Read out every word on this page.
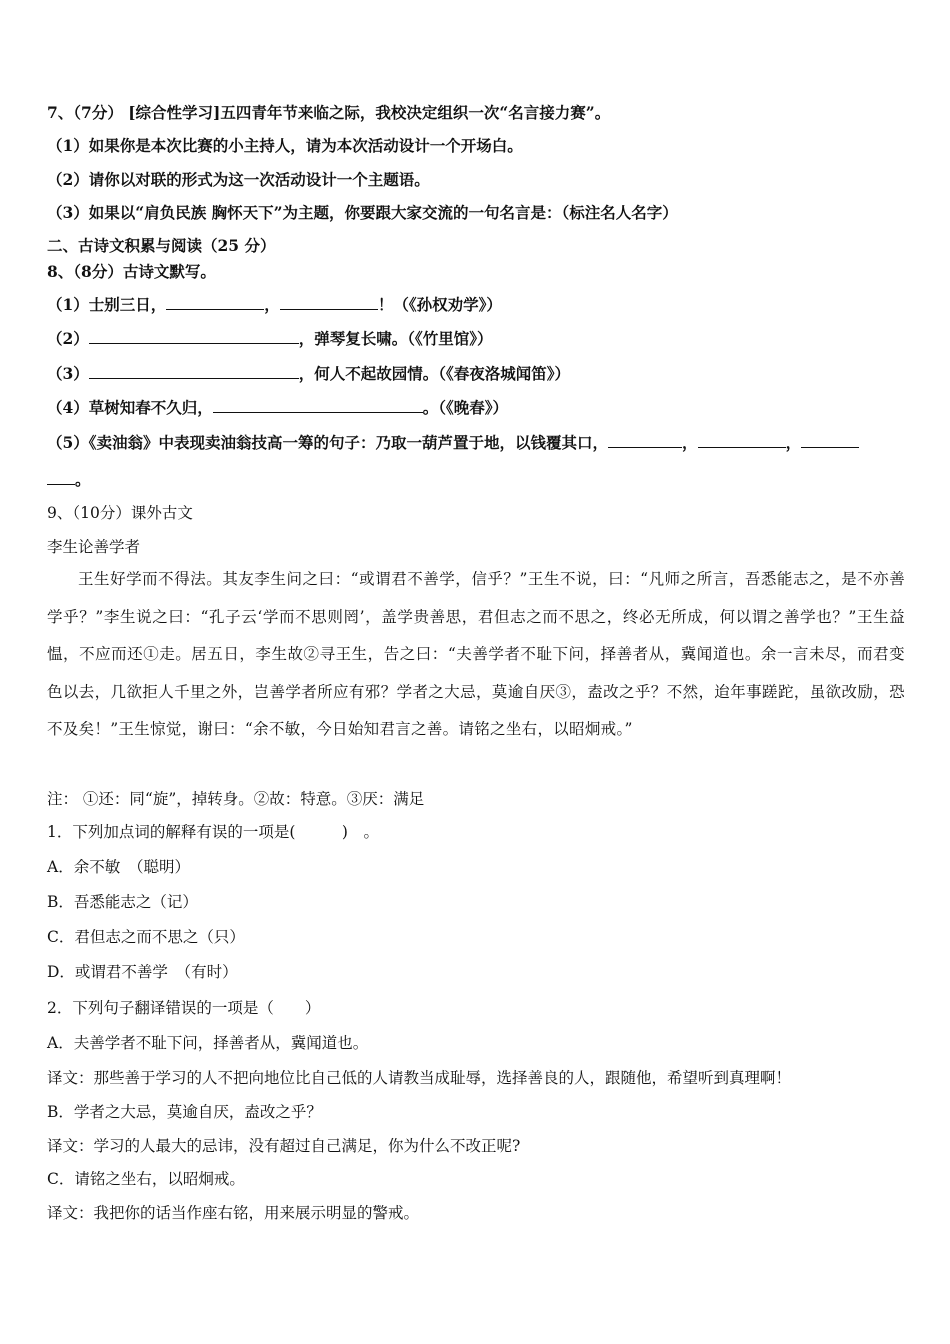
7、（7分） [综合性学习]五四青年节来临之际，我校决定组织一次“名言接力赛”。
（1）如果你是本次比赛的小主持人，请为本次活动设计一个开场白。
（2）请你以对联的形式为这一次活动设计一个主题语。
（3）如果以“肩负民族 胸怀天下”为主题，你要跟大家交流的一句名言是：（标注名人名字）
二、古诗文积累与阅读（25 分）
8、（8分）古诗文默写。
（1）士别三日，	，	！（《孙权劝学》）
（2）	，弹琴复长啸。（《竹里馆》）
（3）	，何人不起故园情。（《春夜洛城闻笛》）
（4）草树知春不久归，	。（《晚春》）
（5）《卖油翁》中表现卖油翁技高一筹的句子：乃取一葫芦置于地，以钱覆其口，	，	，
。
9、（10分）课外古文
李生论善学者
王生好学而不得法。其友李生问之曰：“或谓君不善学，信乎？”王生不说，曰：“凡师之所言，吾悉能志之，是不亦善学乎？”李生说之曰：“孔子云‘学而不思则罔’，盖学贵善思，君但志之而不思之，终必无所成，何以谓之善学也？”王生益愠，不应而还①走。居五日，李生故②寻王生，告之曰：“夫善学者不耻下问，择善者从，冀闻道也。余一言未尽，而君变色以去，几欲拒人千里之外，岂善学者所应有邪？学者之大忌，莫逾自厌③，盍改之乎？不然，迨年事蹉跎，虽欲改励，恐不及矣！”王生惊觉，谢曰：“余不敏，今日始知君言之善。请铭之坐右，以昭炯戒。”
注： ①还：同“旋”，掉转身。②故：特意。③厌：满足
1．下列加点词的解释有误的一项是(　　　)　。
A．余不敏　（聪明）
B．吾悉能志之（记）
C．君但志之而不思之（只）
D．或谓君不善学　（有时）
2．下列句子翻译错误的一项是（　　）
A．夫善学者不耻下问，择善者从，冀闻道也。
译文：那些善于学习的人不把向地位比自己低的人请教当成耻辱，选择善良的人，跟随他，希望听到真理啊！
B．学者之大忌，莫逾自厌，盍改之乎？
译文：学习的人最大的忌讳，没有超过自己满足，你为什么不改正呢?
C．请铭之坐右，以昭炯戒。
译文：我把你的话当作座右铭，用来展示明显的警戒。
